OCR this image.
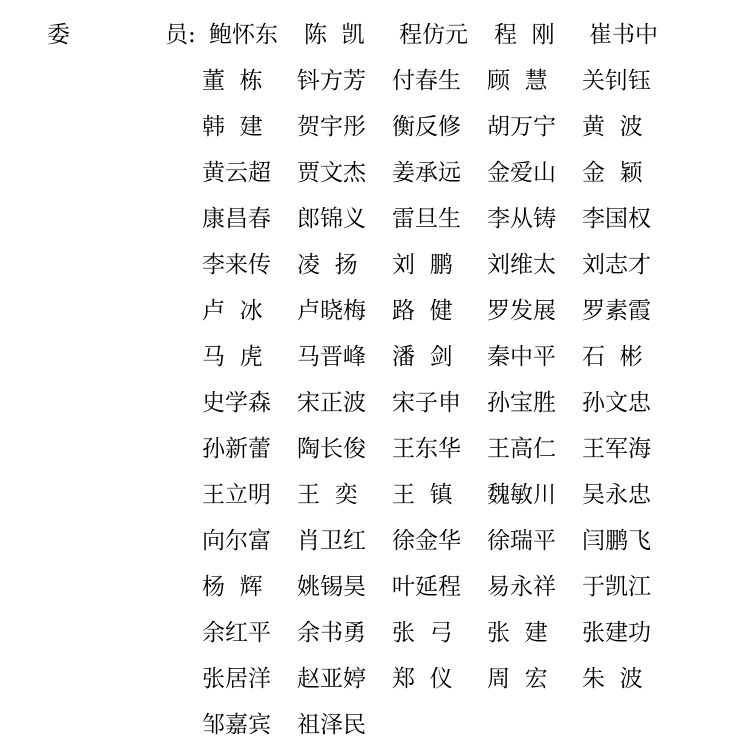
委	员 : 鲍怀东	陈  凯	程仿元	程  刚	崔书中
董  栋	钭方芳	付春生	顾  慧	关钊钰
韩  建	贺宇彤	衡反修	胡万宁	黄  波
黄云超	贾文杰	姜承远	金爱山	金  颖
康昌春	郎锦义	雷旦生	李从铸	李国权
李来传	凌  扬	刘  鹏	刘维太	刘志才
卢  冰	卢晓梅	路  健	罗发展	罗素霞
马  虎	马晋峰	潘  剑	秦中平	石  彬
史学森	宋正波	宋子申	孙宝胜	孙文忠
孙新蕾	陶长俊	王东华	王高仁	王军海
王立明	王  奕	王  镇	魏敏川	吴永忠
向尔富	肖卫红	徐金华	徐瑞平	闫鹏飞
杨  辉	姚锡昊	叶延程	易永祥	于凯江
余红平	余书勇	张  弓	张  建	张建功
张居洋	赵亚婷	郑  仪	周  宏	朱  波
邹嘉宾	祖泽民
